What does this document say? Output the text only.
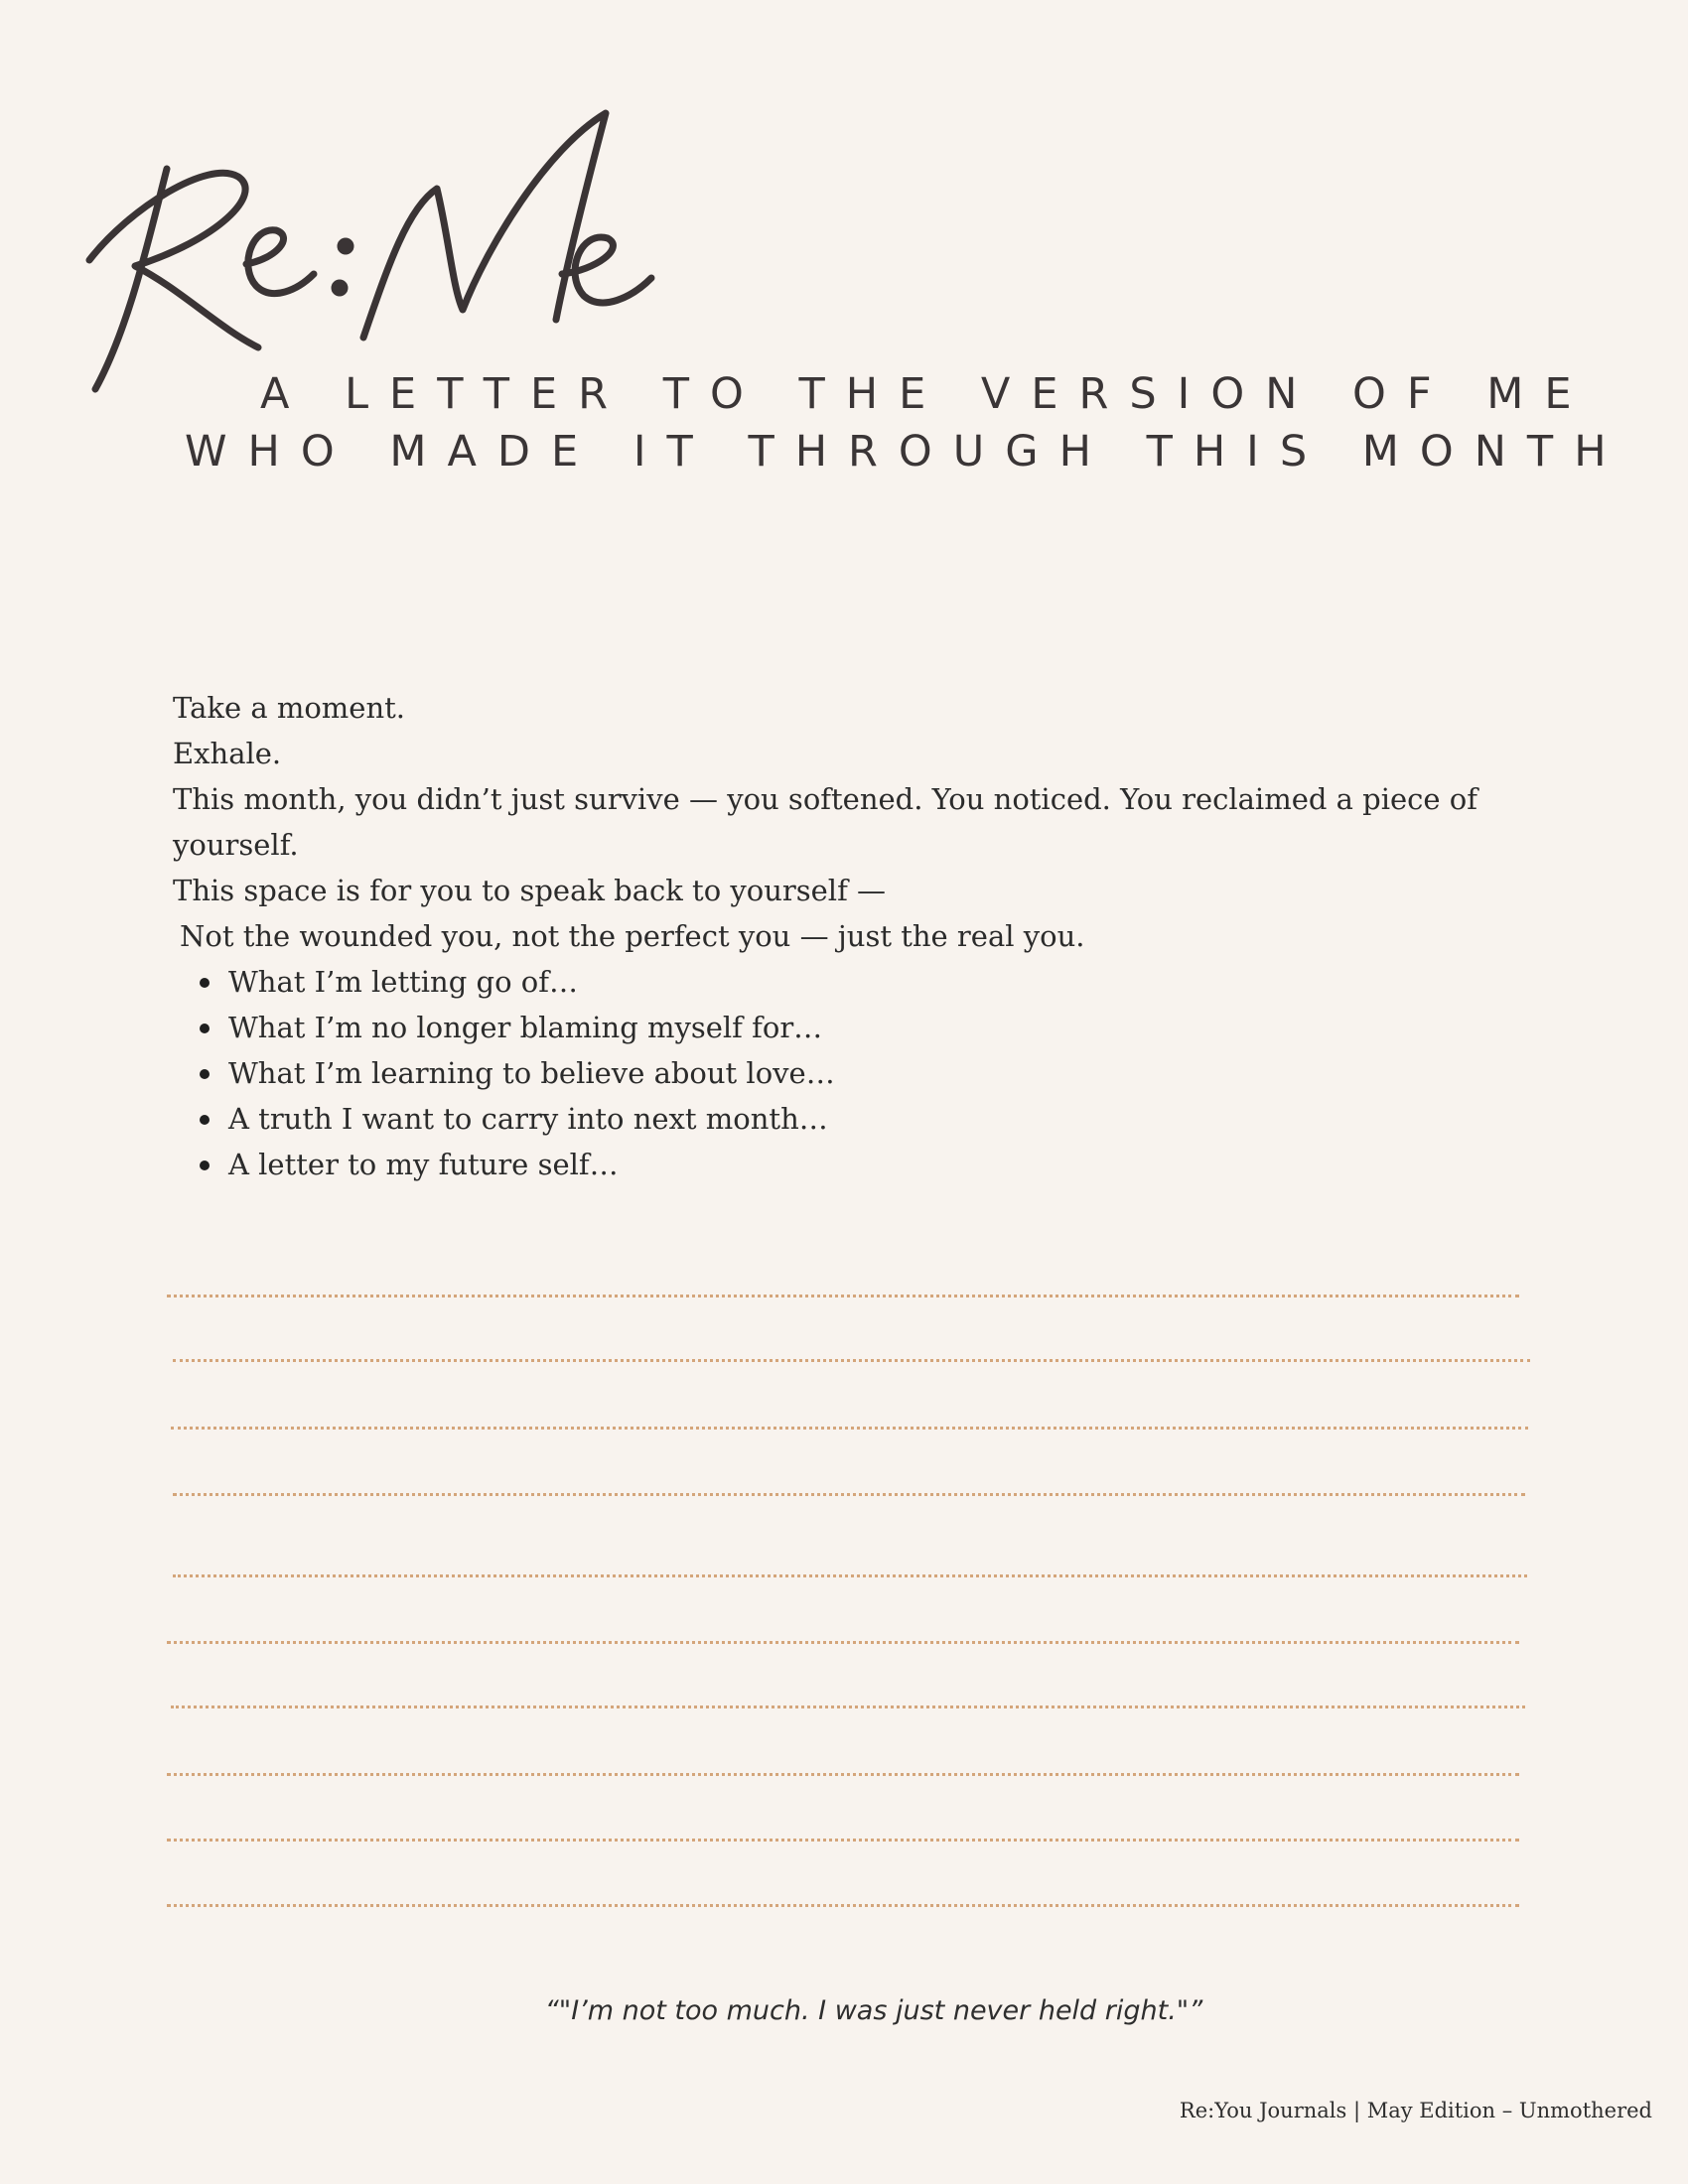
A LETTER TO THE VERSION OF ME

WHO MADE IT THROUGH THIS MONTH

Take a moment.

Exhale.

This month, you didn’t just survive — you softened. You noticed. You reclaimed a piece of yourself.

This space is for you to speak back to yourself —

Not the wounded you, not the perfect you — just the real you.

What I’m letting go of…
What I’m no longer blaming myself for…
What I’m learning to believe about love…
A truth I want to carry into next month…
A letter to my future self…
“"I’m not too much. I was just never held right."”
Re:You Journals | May Edition – Unmothered
